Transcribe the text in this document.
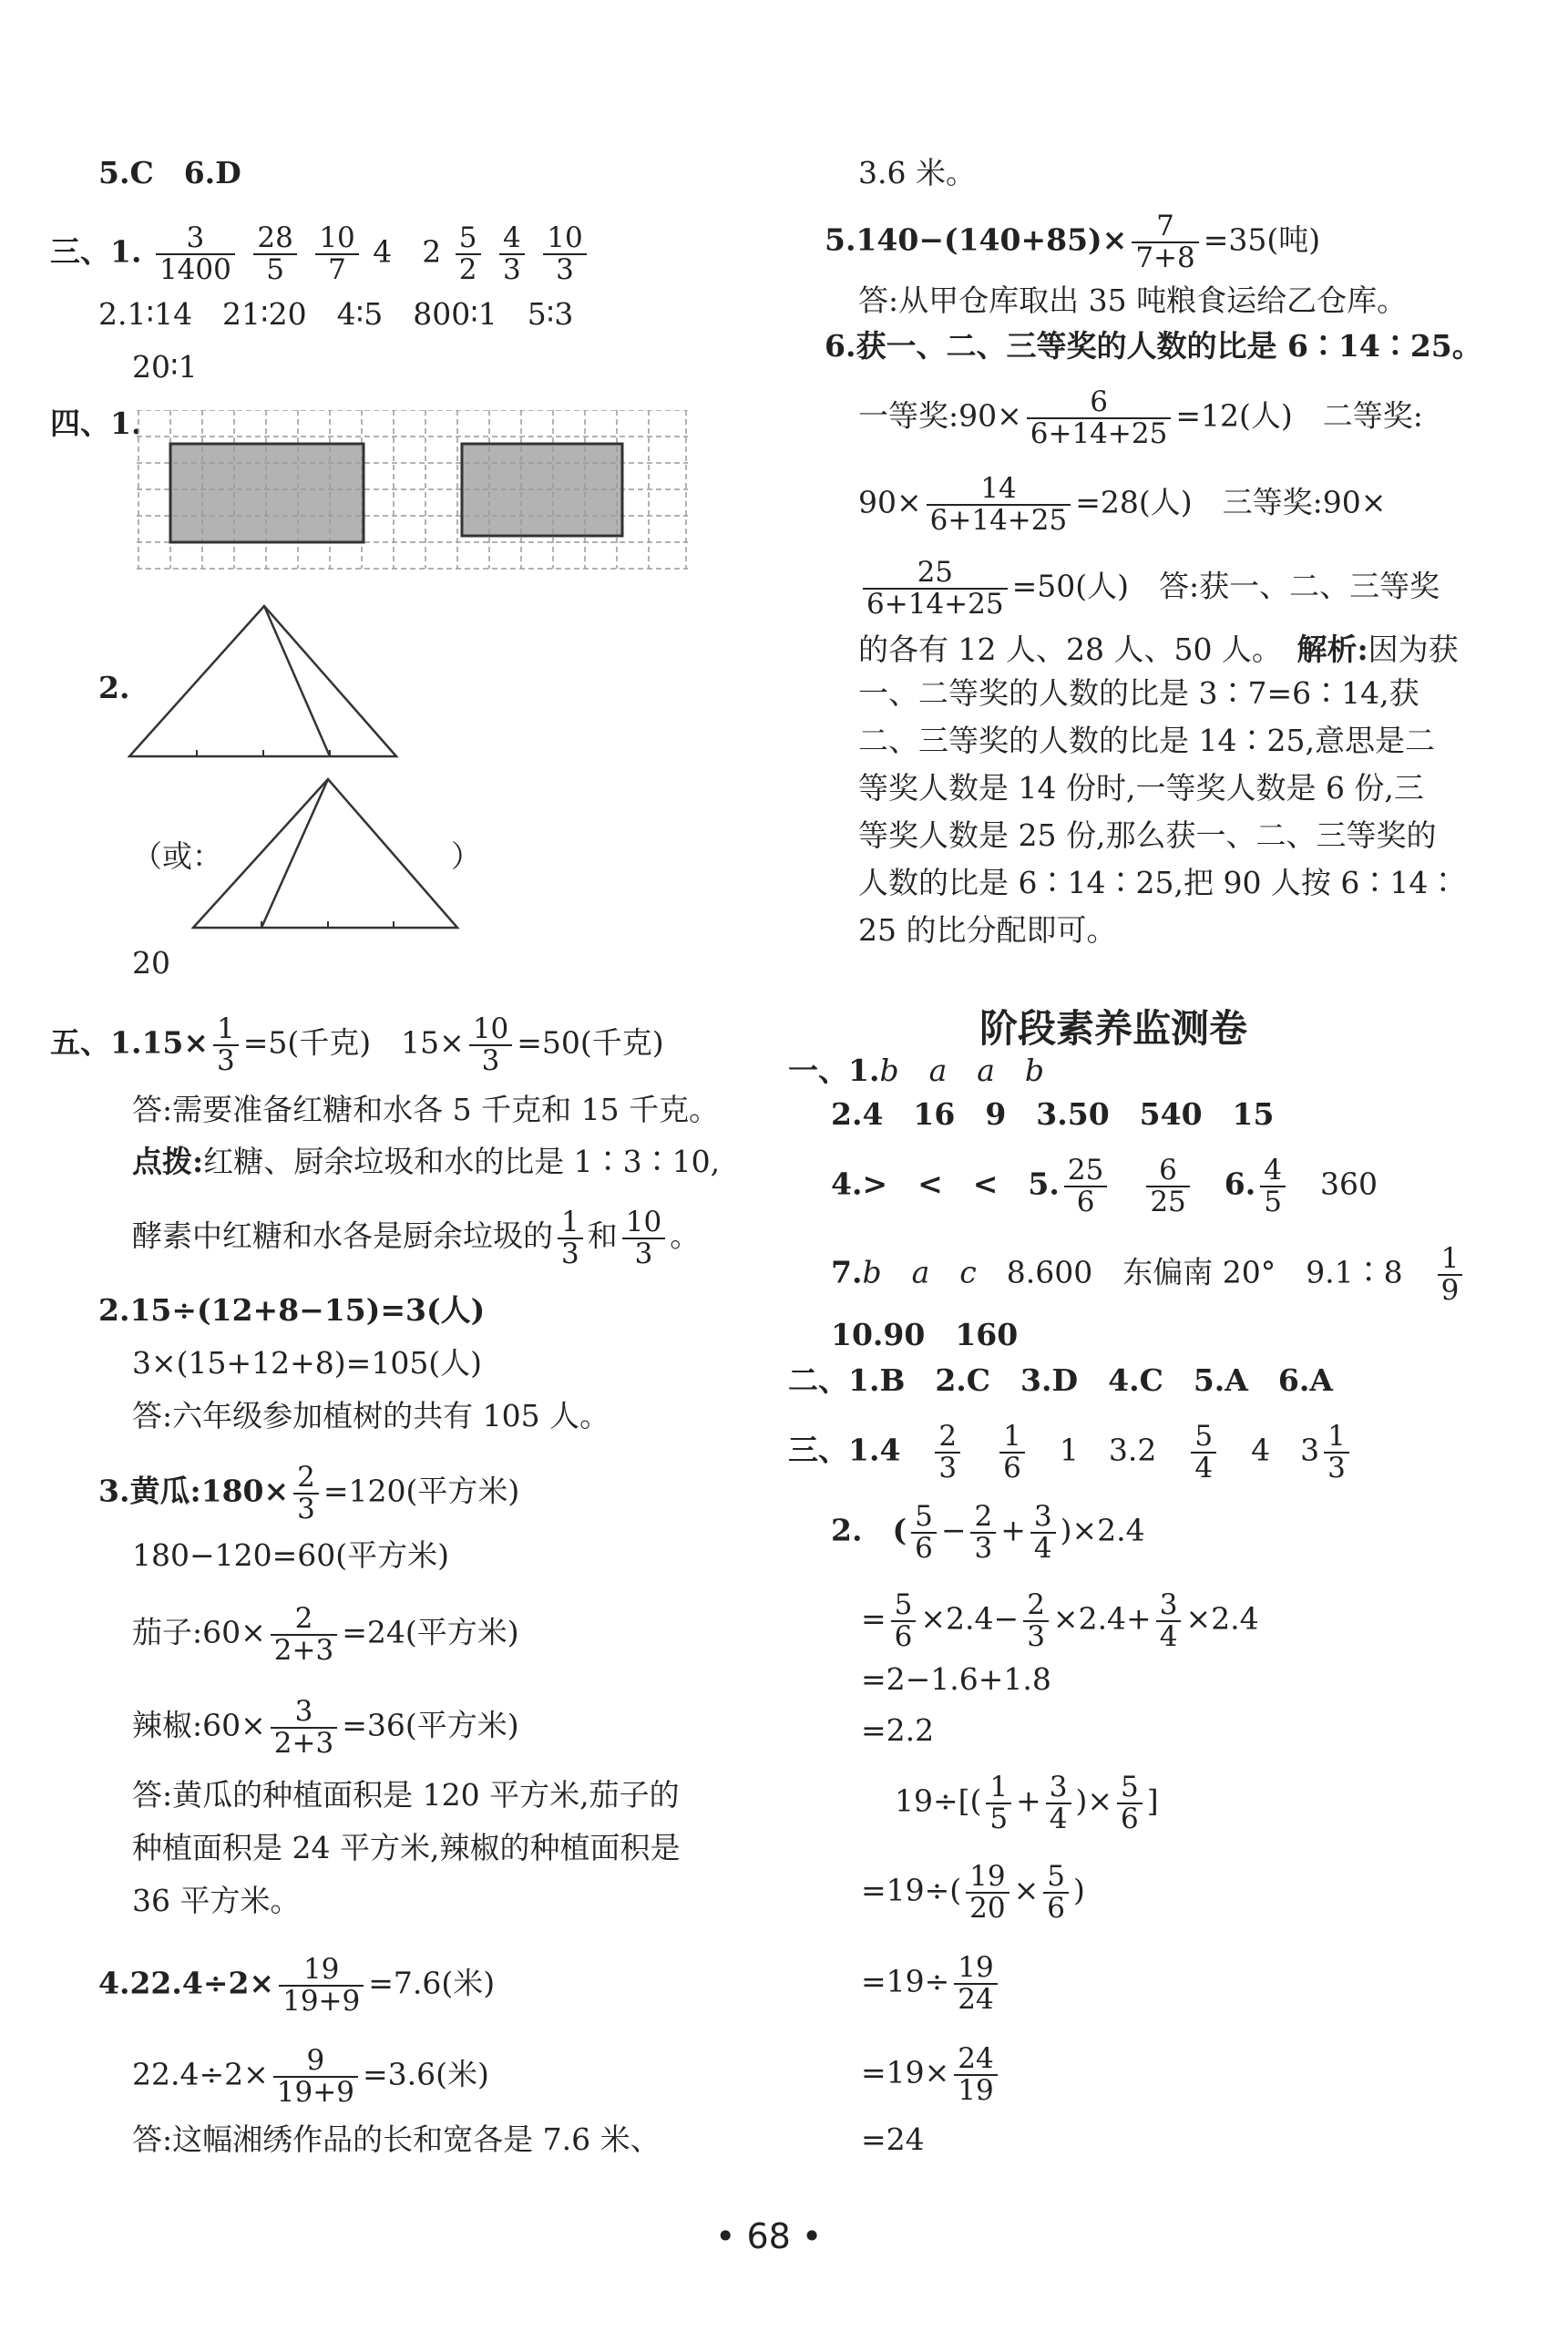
5.C　6.D
三、1. $\frac{3}{1400}$
$\frac{28}{5}$
$\frac{10}{7} 4$　$2 \frac{5}{2}$
$\frac{4}{3}$
$\frac{10}{3}$
2.1∶14　21∶20　4∶5　800∶1　5∶3
20∶1
四、1.
2.
（或：	）
20
五、$1.15\times \frac{1}{3} =5$(千克)　$15\times \frac{10}{3} =50$(千克)
答:需要准备红糖和水各 5 千克和 15 千克。
点拨:红糖、厨余垃圾和水的比是 1∶3∶10,
酵素中红糖和水各是厨余垃圾的 $\frac{1}{3}$ 和 $\frac{10}{3}$ 。
2.15÷(12+8−15)=3(人)
3×(15+12+8)=105(人)
答:六年级参加植树的共有 105 人。
3.黄瓜:180× $\frac{2}{3} =120$(平方米)
180−120=60(平方米)
茄子:60× $\frac{2}{2+3} =24$(平方米)
辣椒:60× $\frac{3}{2+3} =36$(平方米)
答:黄瓜的种植面积是 120 平方米,茄子的
种植面积是 24 平方米,辣椒的种植面积是
36 平方米。
$4.22.4\div 2\times \frac{19}{19+9} =7.6$(米)
$22.4\div 2\times \frac{9}{19+9} =3.6$(米)
答:这幅湘绣作品的长和宽各是 7.6 米、
3.6 米。
$5.140-(140+85)\times \frac{7}{7+8} =35$(吨)
答:从甲仓库取出 35 吨粮食运给乙仓库。
6.获一、二、三等奖的人数的比是 6∶14∶25。
一等奖:90× $\frac{6}{6+14+25} =12$(人)　二等奖:
$90\times \frac{14}{6+14+25} =28$(人)　三等奖:90×
$\frac{25}{6+14+25} =50$(人)　答:获一、二、三等奖
的各有 12 人、28 人、50 人。　 解析:因为获
一、二等奖的人数的比是 3∶7=6∶14,获
二、三等奖的人数的比是 14∶25,意思是二
等奖人数是 14 份时,一等奖人数是 6 份,三
等奖人数是 25 份,那么获一、二、三等奖的
人数的比是 6∶14∶25,把 90 人按 6∶14∶
25 的比分配即可。
阶段素养监测卷
一、1.b　a　a　b
2.4　16　9　3.50　540　15
4.>　<　<　5. $\frac{25}{6}$
　 $\frac{6}{25}$
　 6. $\frac{4}{5}$
　 360
7.b　a　c　 8.600　东偏南 20°　9.1∶8　 $\frac{1}{9}$
10.90　160
二、1.B　2.C　3.D　4.C　5.A　6.A
三、1.4　 $\frac{2}{3}$
　 $\frac{1}{6}$
　 1　3.2　 $\frac{5}{4}$
　 4　$3 \frac{1}{3}$
2.　( $\frac{5}{6} - \frac{2}{3} + \frac{3}{4} )\times 2.4$
= $\frac{5}{6} \times 2.4- \frac{2}{3} \times 2.4+ \frac{3}{4} \times 2.4$
=2−1.6+1.8
=2.2
$19\div[( \frac{1}{5} + \frac{3}{4}$ )× $\frac{5}{6}$ ]
$=19\div( \frac{19}{20} \times \frac{5}{6}$ )
$=19\div \frac{19}{24}$
$=19\times \frac{24}{19}$
=24
• 68 •
